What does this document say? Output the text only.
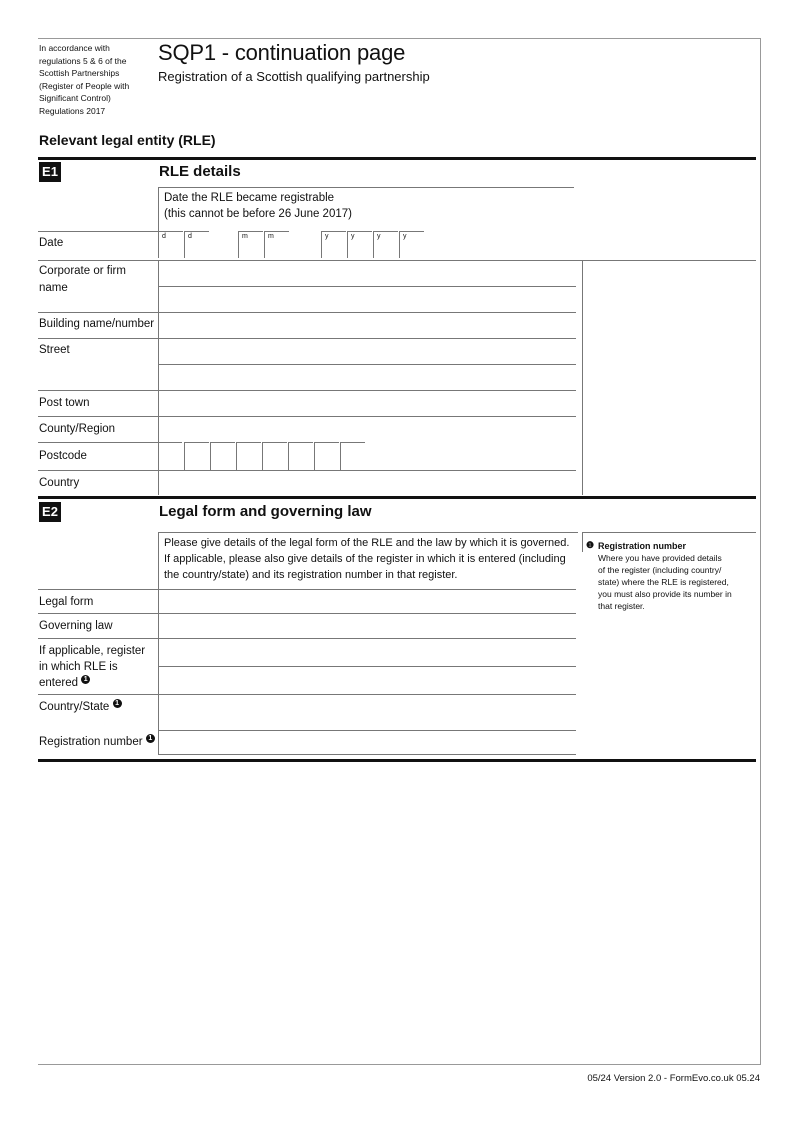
In accordance with regulations 5 & 6 of the Scottish Partnerships (Register of People with Significant Control) Regulations 2017
SQP1 - continuation page
Registration of a Scottish qualifying partnership
Relevant legal entity (RLE)
E1	RLE details
Date the RLE became registrable
(this cannot be before 26 June 2017)
Date
d	d	m	m	y	y	y	y
Corporate or firm
name
Building name/number
Street
Post town
County/Region
Postcode
Country
E2	Legal form and governing law
Please give details of the legal form of the RLE and the law by which it is governed.
If applicable, please also give details of the register in which it is entered (including
the country/state) and its registration number in that register.
❶ Registration number
Where you have provided details
of the register (including country/
state) where the RLE is registered,
you must also provide its number in
that register.
Legal form
Governing law
If applicable, register
in which RLE is
entered 1
Country/State 1
Registration number 1
05/24 Version 2.0 - FormEvo.co.uk 05.24
